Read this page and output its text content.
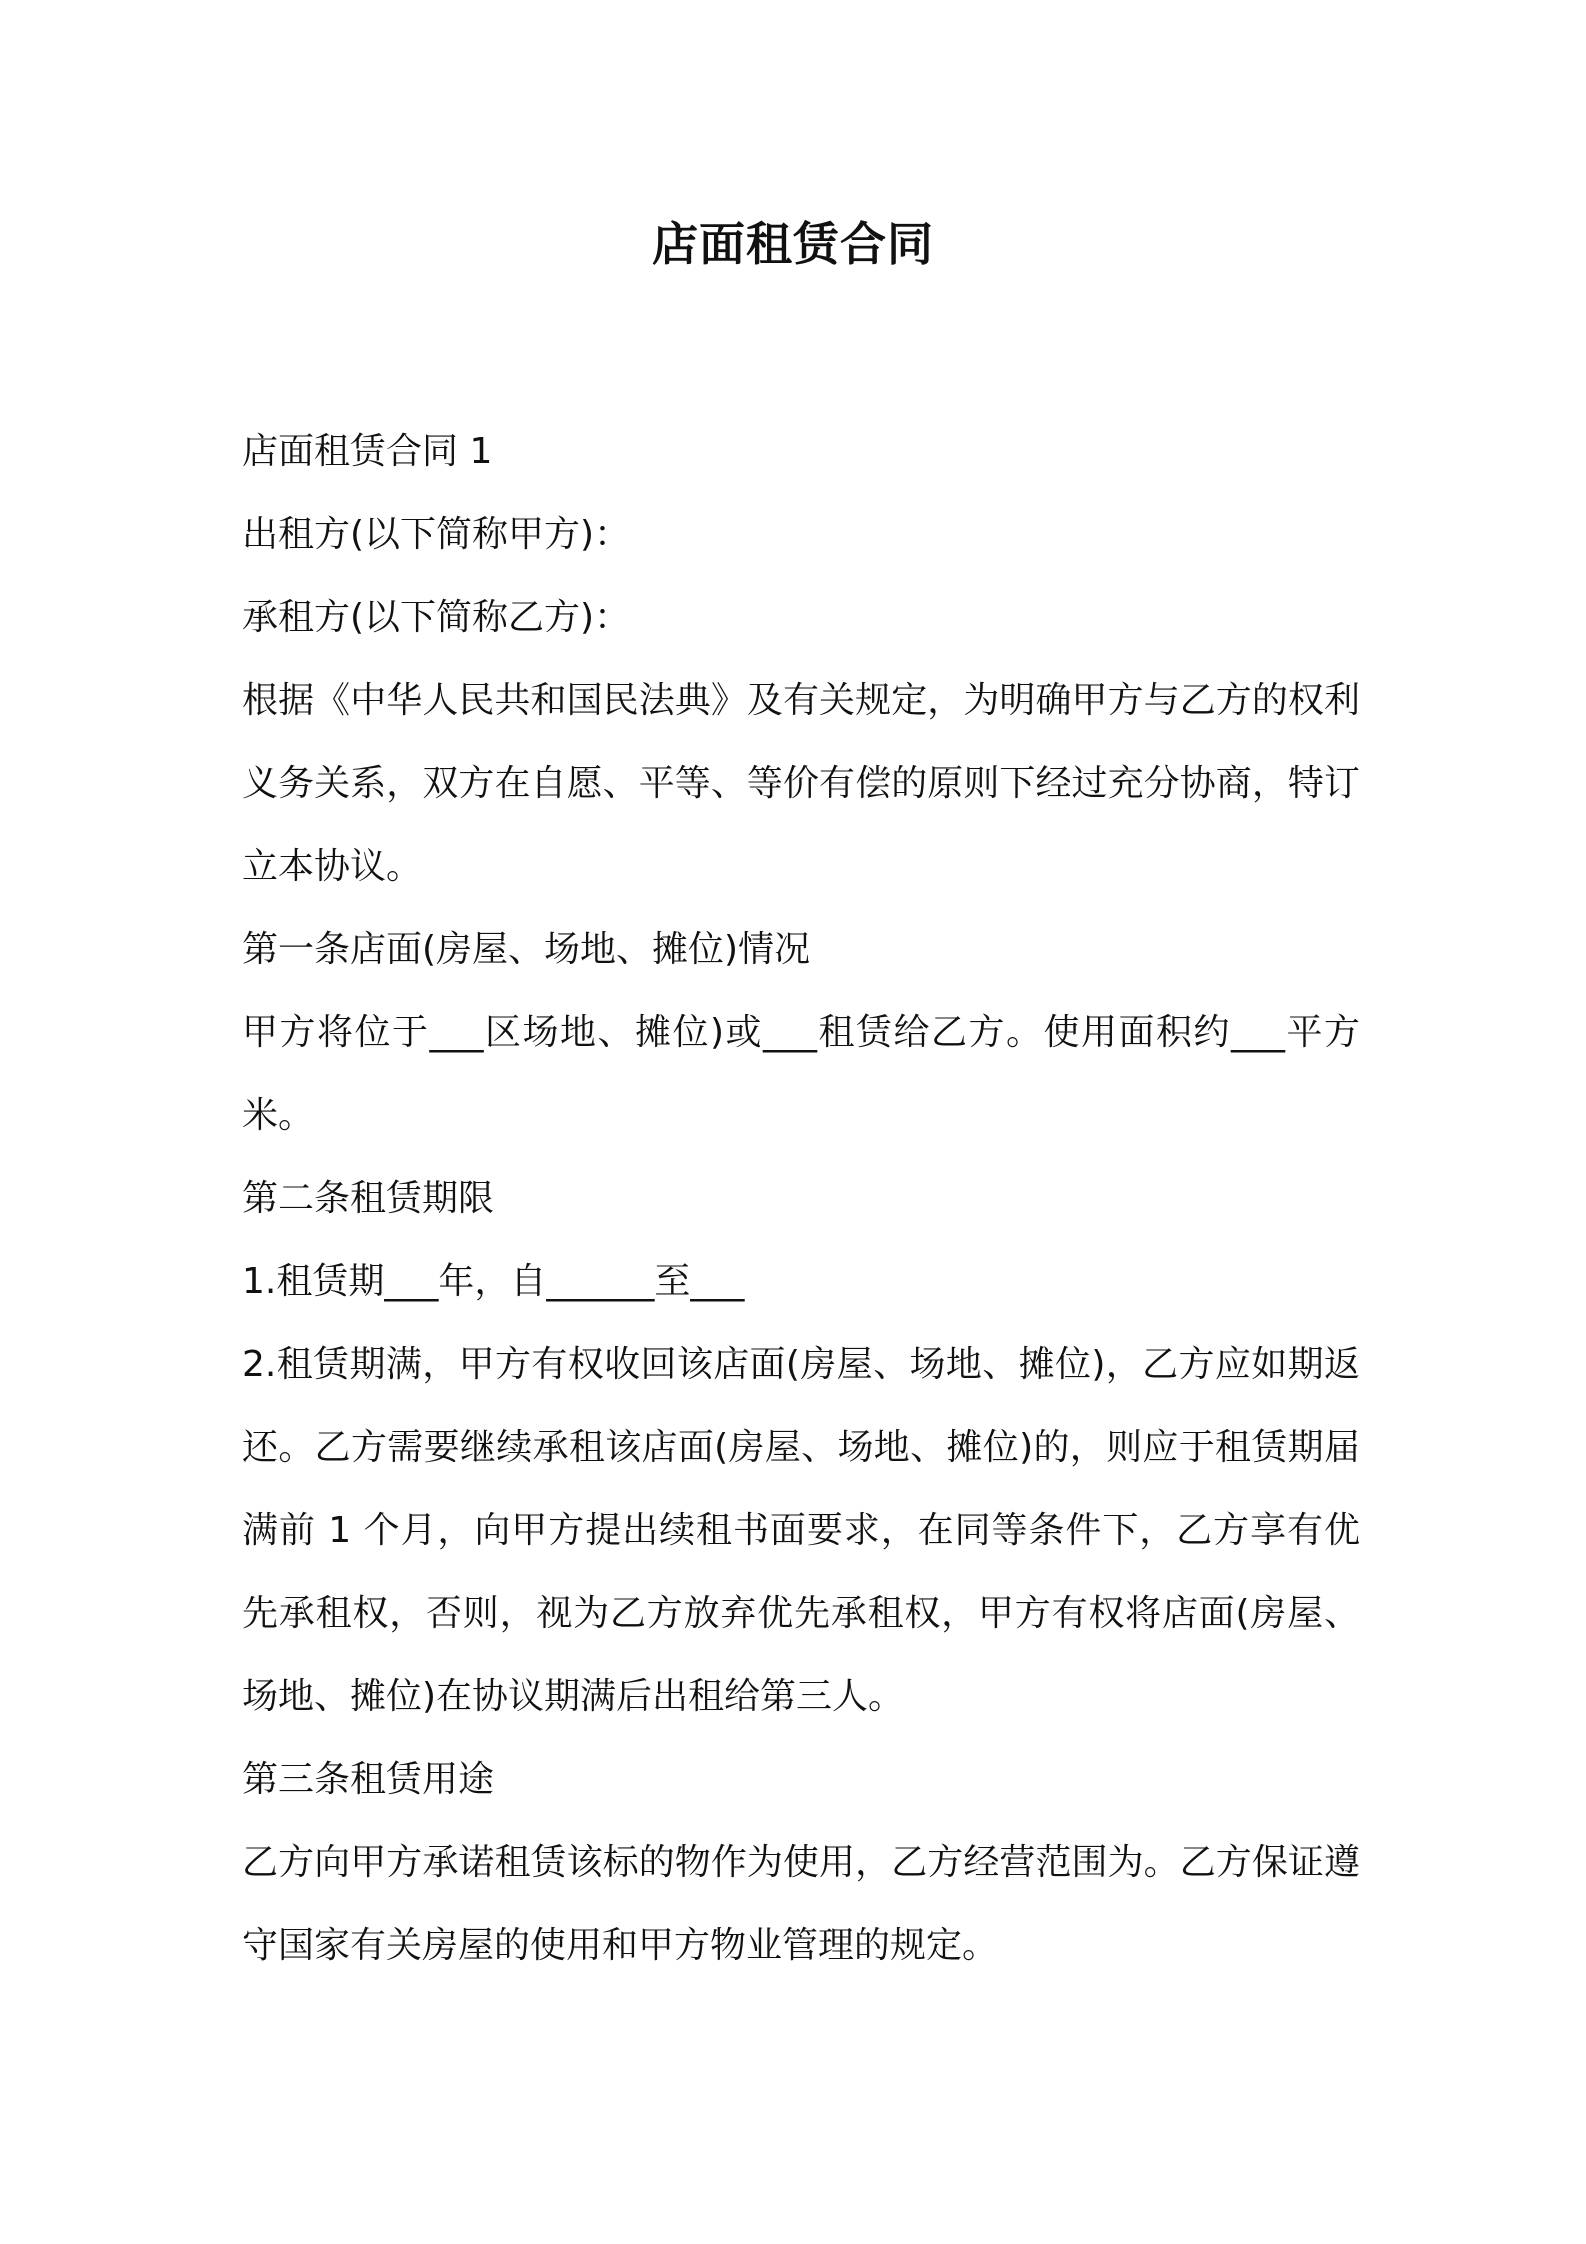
店面租赁合同

店面租赁合同 1

出租方(以下简称甲方)：

承租方(以下简称乙方)：

根据《中华人民共和国民法典》及有关规定，为明确甲方与乙方的权利义务关系，双方在自愿、平等、等价有偿的原则下经过充分协商，特订立本协议。

第一条店面(房屋、场地、摊位)情况

甲方将位于___区场地、摊位)或___租赁给乙方。使用面积约___平方米。

第二条租赁期限

1.租赁期___年，自______至___

2.租赁期满，甲方有权收回该店面(房屋、场地、摊位)，乙方应如期返还。乙方需要继续承租该店面(房屋、场地、摊位)的，则应于租赁期届满前 1 个月，向甲方提出续租书面要求，在同等条件下，乙方享有优先承租权，否则，视为乙方放弃优先承租权，甲方有权将店面(房屋、场地、摊位)在协议期满后出租给第三人。

第三条租赁用途

乙方向甲方承诺租赁该标的物作为使用，乙方经营范围为。乙方保证遵守国家有关房屋的使用和甲方物业管理的规定。
